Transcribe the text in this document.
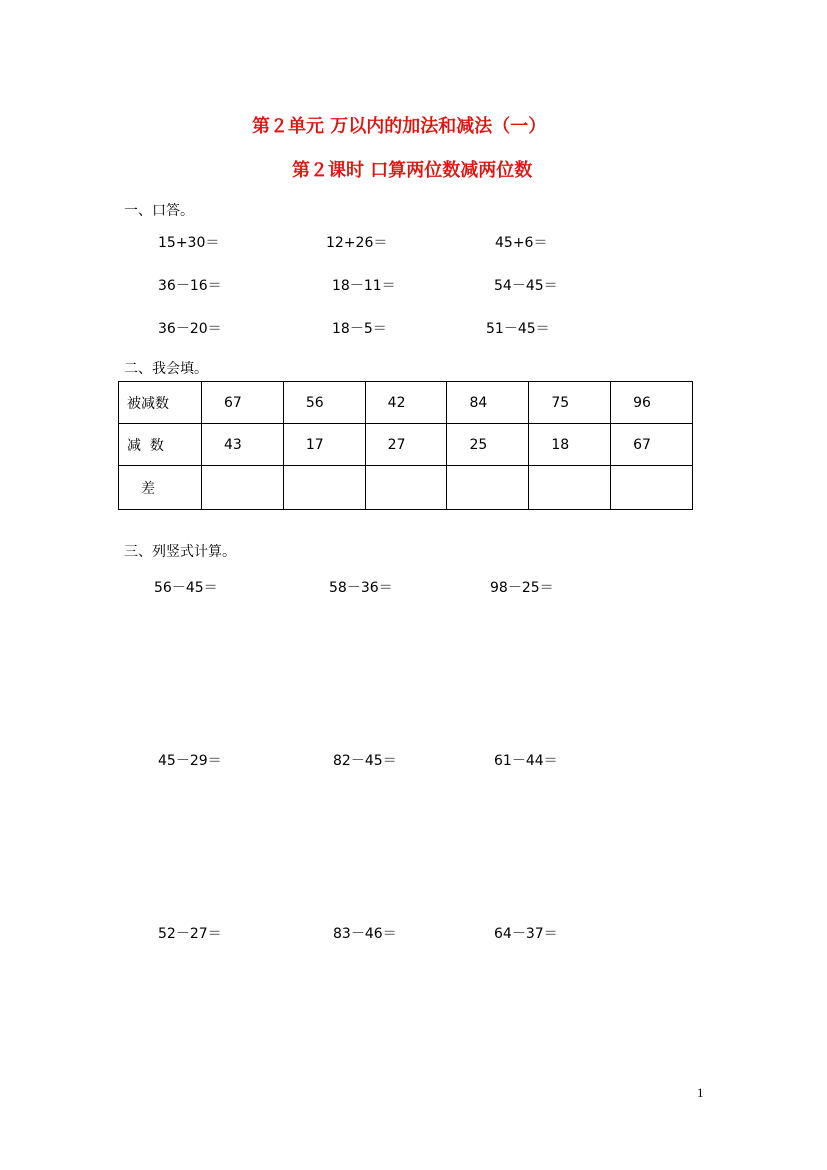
第２单元 万以内的加法和减法（一）
第２课时 口算两位数减两位数
一、口答。
15+30＝	12+26＝	45+6＝
36－16＝	18－11＝	54－45＝
36－20＝	18－5＝	51－45＝
二、我会填。
被减数	67	56	42	84	75	96
减  数	43	17	27	25	18	67
差						
三、列竖式计算。
56－45＝	58－36＝	98－25＝
45－29＝	82－45＝	61－44＝
52－27＝	83－46＝	64－37＝
1
